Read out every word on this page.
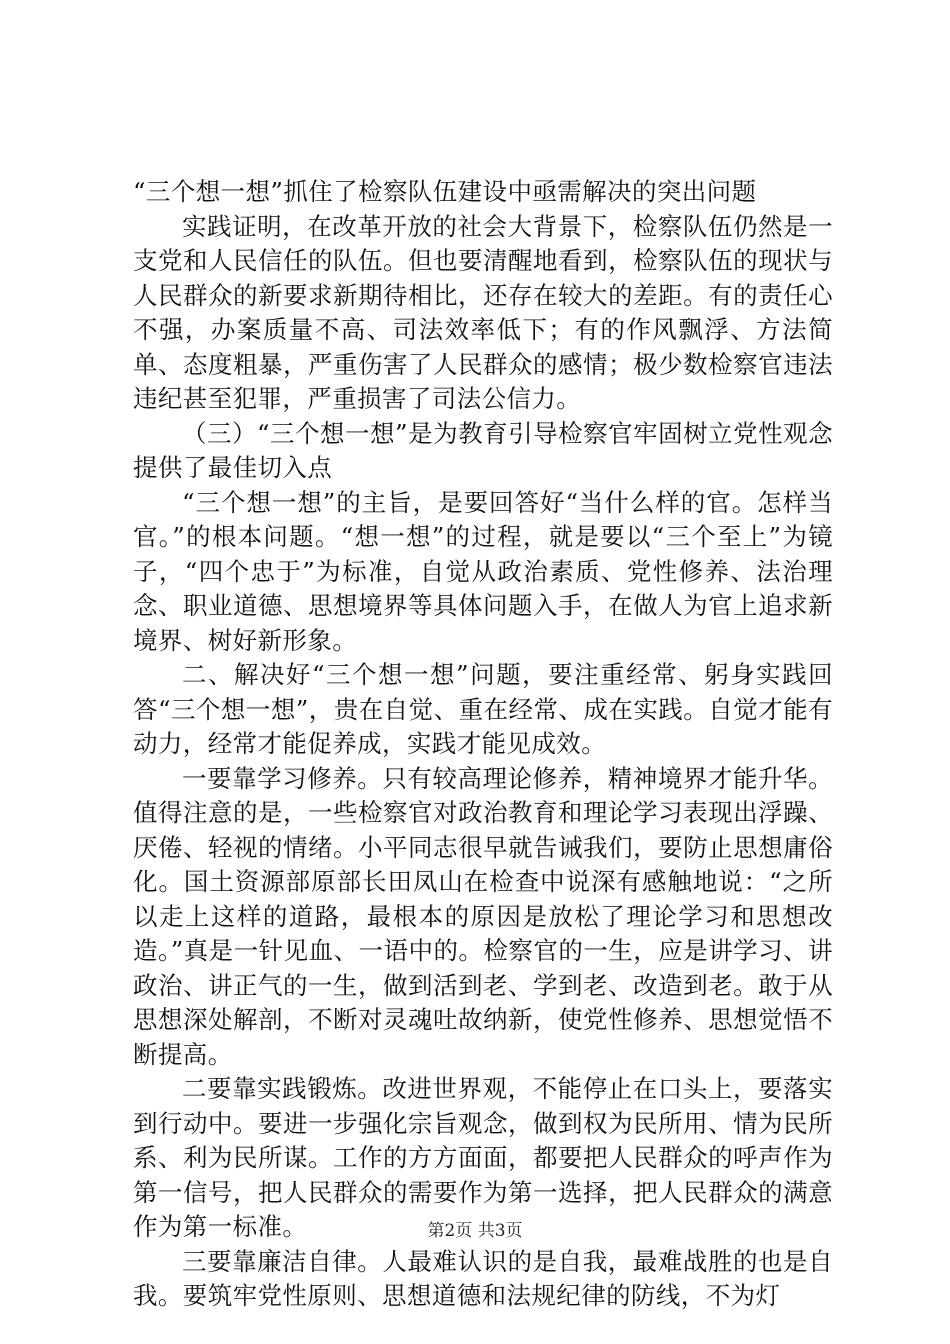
“三个想一想”抓住了检察队伍建设中亟需解决的突出问题

实践证明，在改革开放的社会大背景下，检察队伍仍然是一支党和人民信任的队伍。但也要清醒地看到，检察队伍的现状与人民群众的新要求新期待相比，还存在较大的差距。有的责任心不强，办案质量不高、司法效率低下；有的作风飘浮、方法简单、态度粗暴，严重伤害了人民群众的感情；极少数检察官违法违纪甚至犯罪，严重损害了司法公信力。

（三）“三个想一想”是为教育引导检察官牢固树立党性观念提供了最佳切入点

“三个想一想”的主旨，是要回答好“当什么样的官。怎样当官。”的根本问题。“想一想”的过程，就是要以“三个至上”为镜子，“四个忠于”为标准，自觉从政治素质、党性修养、法治理念、职业道德、思想境界等具体问题入手，在做人为官上追求新境界、树好新形象。

二、解决好“三个想一想”问题，要注重经常、躬身实践回答“三个想一想”，贵在自觉、重在经常、成在实践。自觉才能有动力，经常才能促养成，实践才能见成效。

一要靠学习修养。只有较高理论修养，精神境界才能升华。值得注意的是，一些检察官对政治教育和理论学习表现出浮躁、厌倦、轻视的情绪。小平同志很早就告诫我们，要防止思想庸俗化。国土资源部原部长田凤山在检查中说深有感触地说：“之所以走上这样的道路，最根本的原因是放松了理论学习和思想改造。”真是一针见血、一语中的。检察官的一生，应是讲学习、讲政治、讲正气的一生，做到活到老、学到老、改造到老。敢于从思想深处解剖，不断对灵魂吐故纳新，使党性修养、思想觉悟不断提高。

二要靠实践锻炼。改进世界观，不能停止在口头上，要落实到行动中。要进一步强化宗旨观念，做到权为民所用、情为民所系、利为民所谋。工作的方方面面，都要把人民群众的呼声作为第一信号，把人民群众的需要作为第一选择，把人民群众的满意作为第一标准。

三要靠廉洁自律。人最难认识的是自我，最难战胜的也是自我。要筑牢党性原则、思想道德和法规纪律的防线，不为灯

第2页 共3页
